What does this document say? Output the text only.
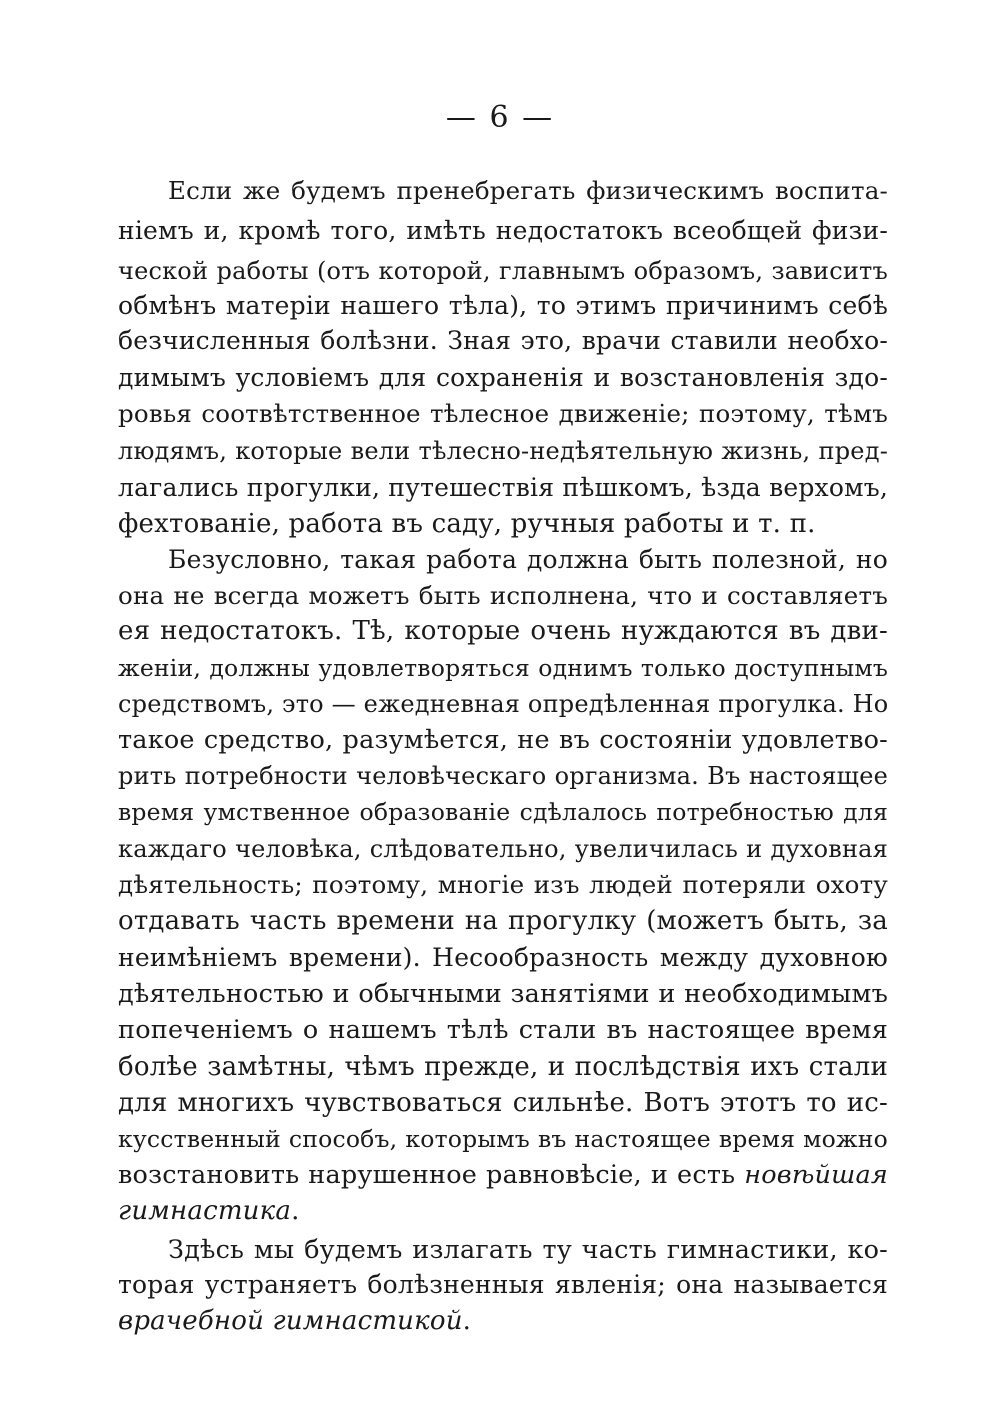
— 6 —
Если же будемъ пренебрегать физическимъ воспита-
ніемъ и, кромѣ того, имѣть недостатокъ всеобщей физи-
ческой работы (отъ которой, главнымъ образомъ, зависитъ
обмѣнъ матеріи нашего тѣла), то этимъ причинимъ себѣ
безчисленныя болѣзни. Зная это, врачи ставили необхо-
димымъ условіемъ для сохраненія и возстановленія здо-
ровья соотвѣтственное тѣлесное движеніе; поэтому, тѣмъ
людямъ, которые вели тѣлесно-недѣятельную жизнь, пред-
лагались прогулки, путешествія пѣшкомъ, ѣзда верхомъ,
фехтованіе, работа въ саду, ручныя работы и т. п.
Безусловно, такая работа должна быть полезной, но
она не всегда можетъ быть исполнена, что и составляетъ
ея недостатокъ. Тѣ, которые очень нуждаются въ дви-
женіи, должны удовлетворяться однимъ только доступнымъ
средствомъ, это — ежедневная опредѣленная прогулка. Но
такое средство, разумѣется, не въ состояніи удовлетво-
рить потребности человѣческаго организма. Въ настоящее
время умственное образованіе сдѣлалось потребностью для
каждаго человѣка, слѣдовательно, увеличилась и духовная
дѣятельность; поэтому, многіе изъ людей потеряли охоту
отдавать часть времени на прогулку (можетъ быть, за
неимѣніемъ времени). Несообразность между духовною
дѣятельностью и обычными занятіями и необходимымъ
попеченіемъ о нашемъ тѣлѣ стали въ настоящее время
болѣе замѣтны, чѣмъ прежде, и послѣдствія ихъ стали
для многихъ чувствоваться сильнѣе. Вотъ этотъ то ис-
кусственный способъ, которымъ въ настоящее время можно
возстановить нарушенное равновѣсіе, и есть новѣйшая
гимнастика.
Здѣсь мы будемъ излагать ту часть гимнастики, ко-
торая устраняетъ болѣзненныя явленія; она называется
врачебной гимнастикой.
